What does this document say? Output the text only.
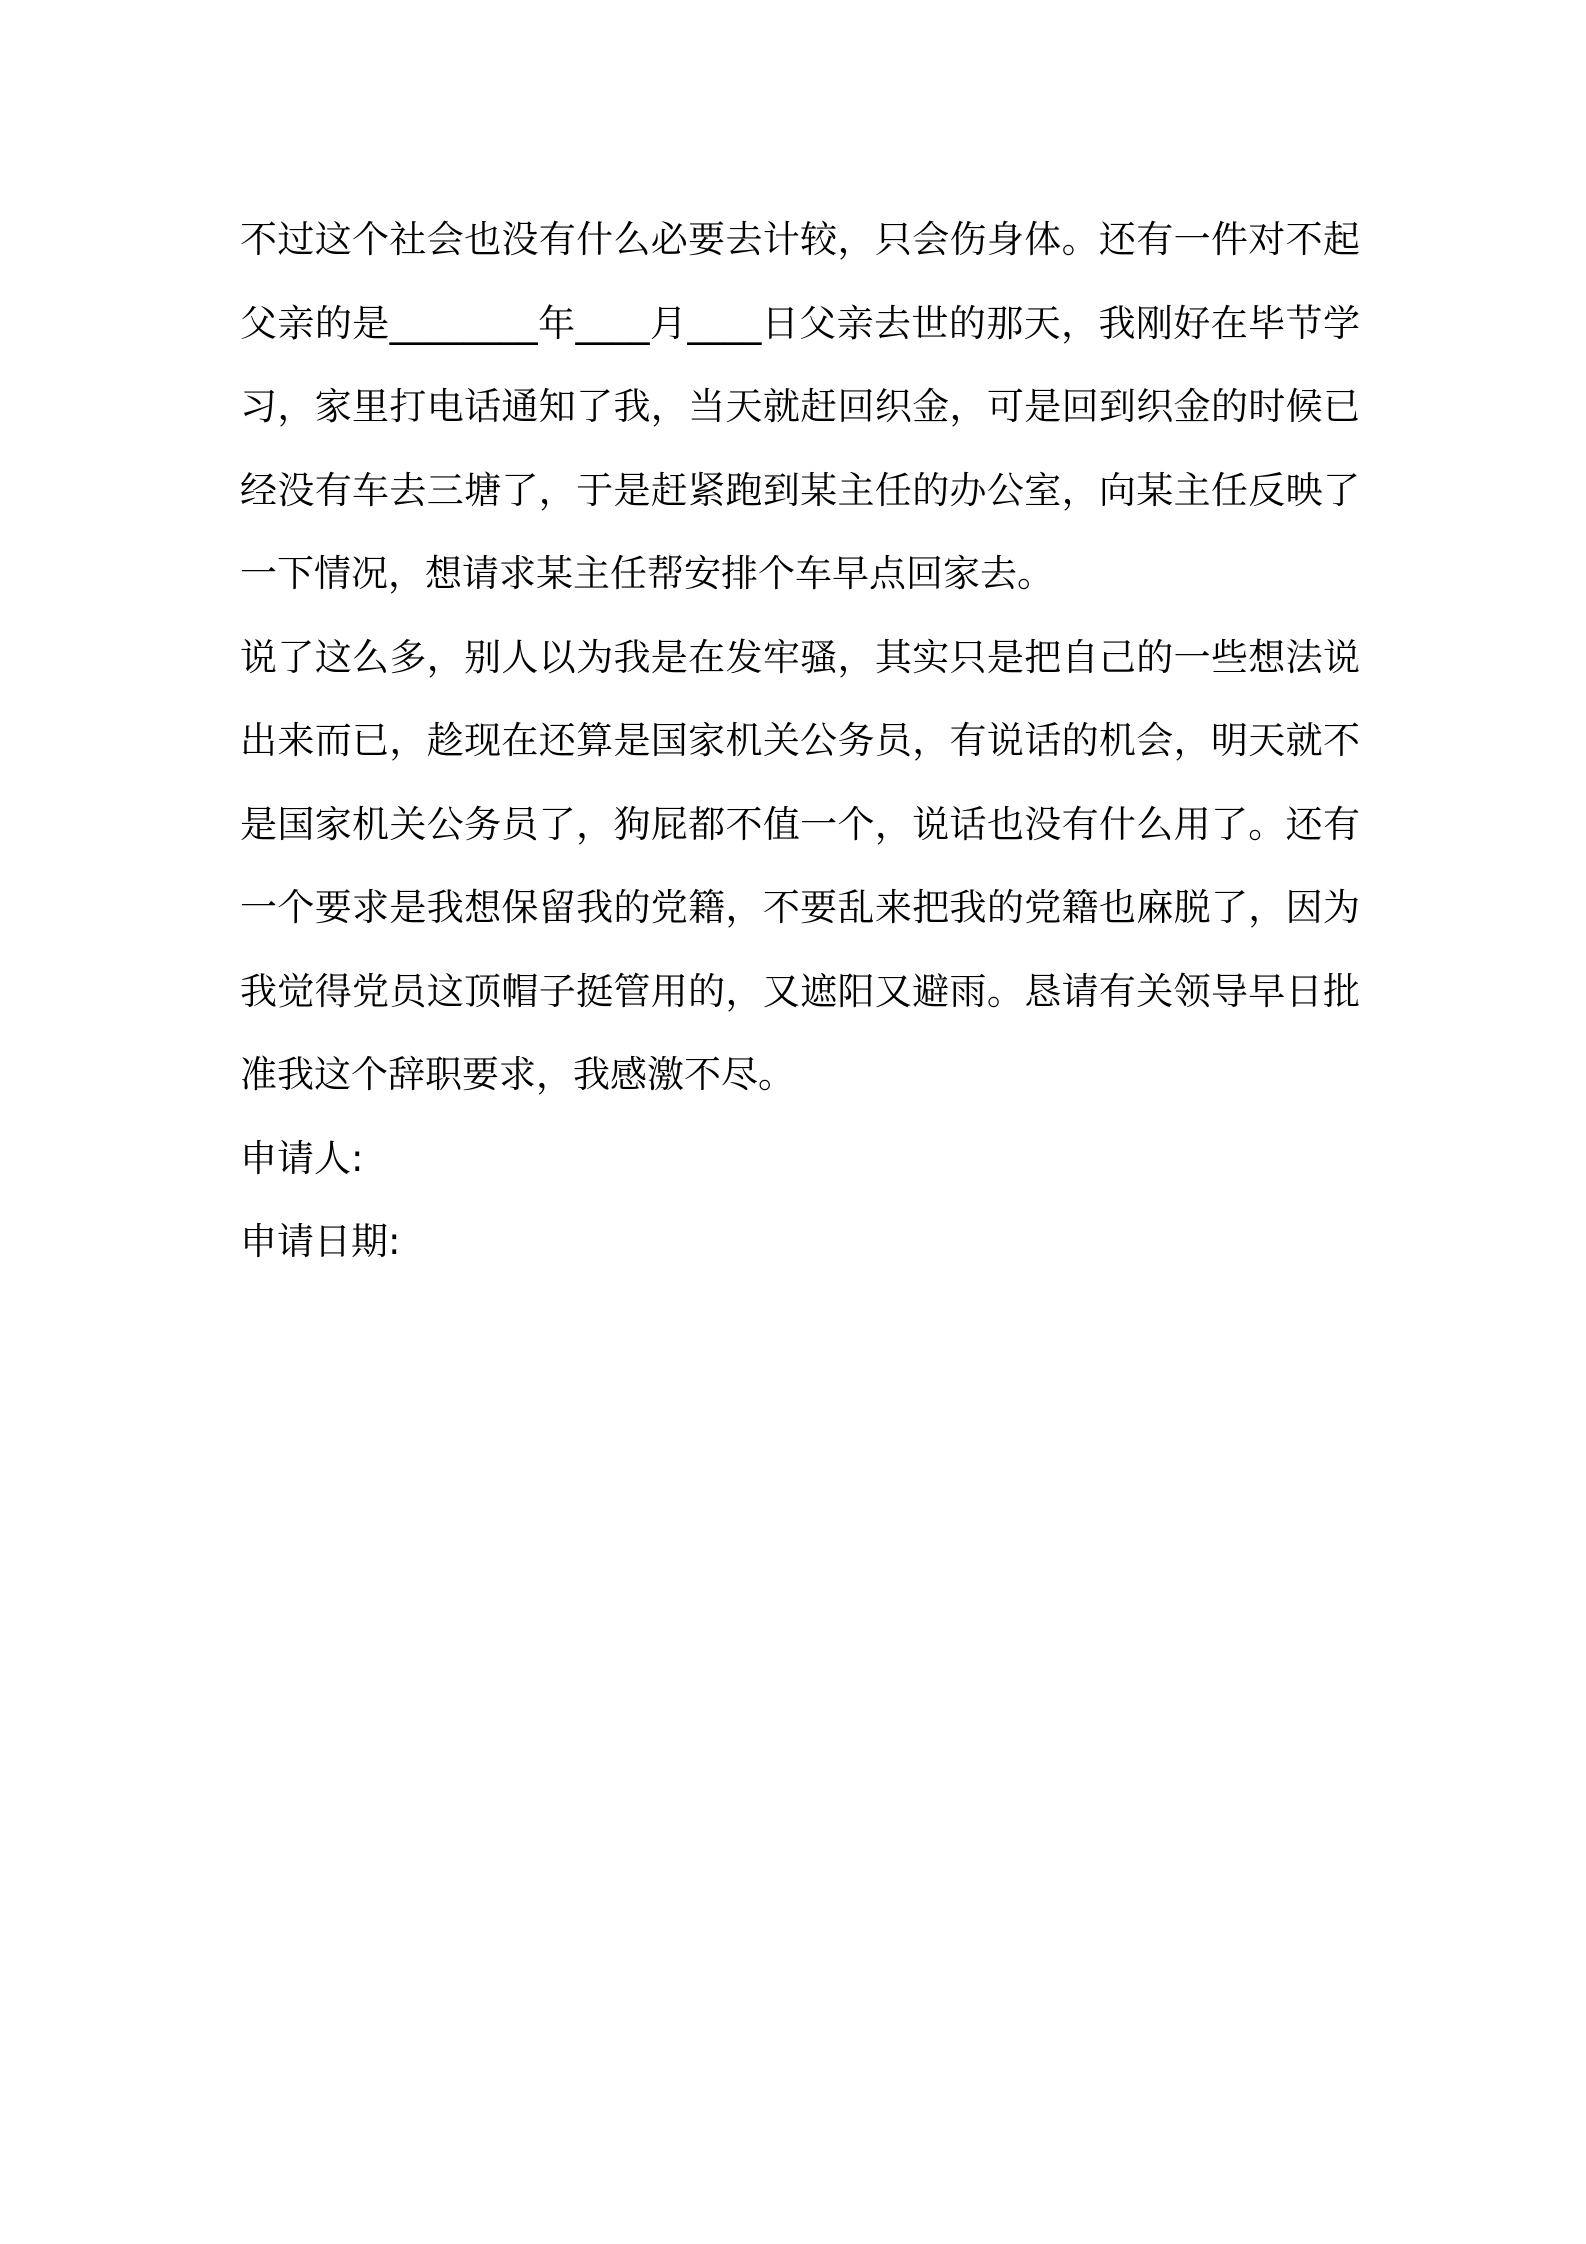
不过这个社会也没有什么必要去计较，只会伤身体。还有一件对不起父亲的是________年____月____日父亲去世的那天，我刚好在毕节学习，家里打电话通知了我，当天就赶回织金，可是回到织金的时候已经没有车去三塘了，于是赶紧跑到某主任的办公室，向某主任反映了一下情况，想请求某主任帮安排个车早点回家去。

说了这么多，别人以为我是在发牢骚，其实只是把自己的一些想法说出来而已，趁现在还算是国家机关公务员，有说话的机会，明天就不是国家机关公务员了，狗屁都不值一个，说话也没有什么用了。还有一个要求是我想保留我的党籍，不要乱来把我的党籍也麻脱了，因为我觉得党员这顶帽子挺管用的，又遮阳又避雨。恳请有关领导早日批准我这个辞职要求，我感激不尽。

申请人:

申请日期:
